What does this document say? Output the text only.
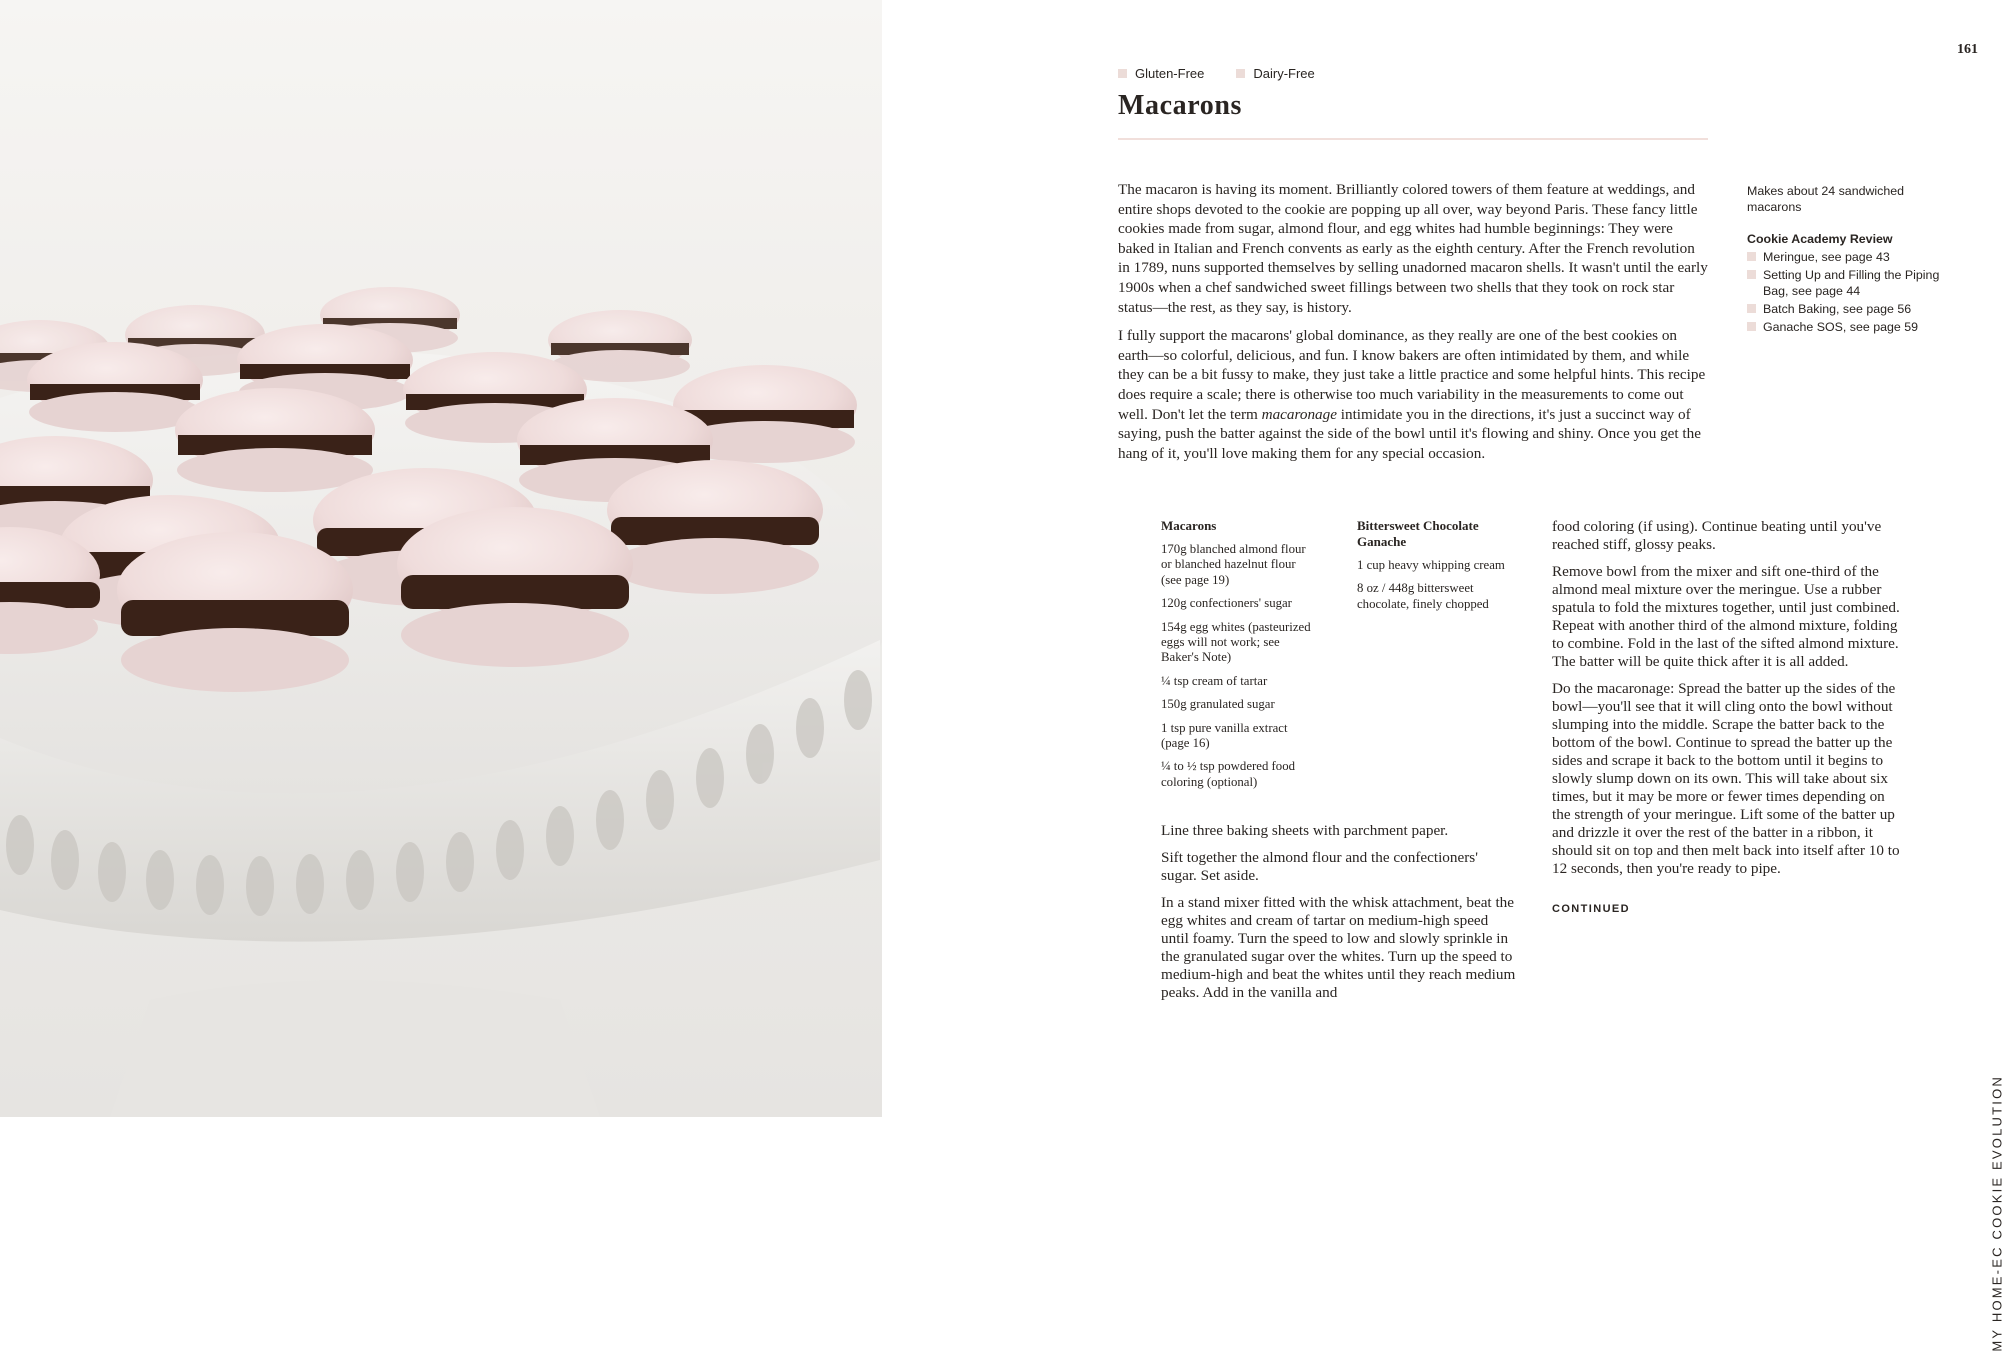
161
Gluten-Free	Dairy-Free
Macarons

The macaron is having its moment. Brilliantly colored towers of them feature at weddings, and entire shops devoted to the cookie are popping up all over, way beyond Paris. These fancy little cookies made from sugar, almond flour, and egg whites had humble beginnings: They were baked in Italian and French convents as early as the eighth century. After the French revolution in 1789, nuns supported themselves by selling unadorned macaron shells. It wasn't until the early 1900s when a chef sandwiched sweet fillings between two shells that they took on rock star status—the rest, as they say, is history.

I fully support the macarons' global dominance, as they really are one of the best cookies on earth—so colorful, delicious, and fun. I know bakers are often intimidated by them, and while they can be a bit fussy to make, they just take a little practice and some helpful hints. This recipe does require a scale; there is otherwise too much variability in the measurements to come out well. Don't let the term macaronage intimidate you in the directions, it's just a succinct way of saying, push the batter against the side of the bowl until it's flowing and shiny. Once you get the hang of it, you'll love making them for any special occasion.

Makes about 24 sandwiched macarons
Cookie Academy Review
Meringue, see page 43
Setting Up and Filling the Piping Bag, see page 44
Batch Baking, see page 56
Ganache SOS, see page 59
Macarons
170g blanched almond flour or blanched hazelnut flour (see page 19)
120g confectioners' sugar
154g egg whites (pasteurized eggs will not work; see Baker's Note)
¼ tsp cream of tartar
150g granulated sugar
1 tsp pure vanilla extract (page 16)
¼ to ½ tsp powdered food coloring (optional)
Bittersweet Chocolate Ganache
1 cup heavy whipping cream
8 oz / 448g bittersweet chocolate, finely chopped

Line three baking sheets with parchment paper.

Sift together the almond flour and the confectioners' sugar. Set aside.

In a stand mixer fitted with the whisk attachment, beat the egg whites and cream of tartar on medium-high speed until foamy. Turn the speed to low and slowly sprinkle in the granulated sugar over the whites. Turn up the speed to medium-high and beat the whites until they reach medium peaks. Add in the vanilla and

food coloring (if using). Continue beating until you've reached stiff, glossy peaks.

Remove bowl from the mixer and sift one-third of the almond meal mixture over the meringue. Use a rubber spatula to fold the mixtures together, until just combined. Repeat with another third of the almond mixture, folding to combine. Fold in the last of the sifted almond mixture. The batter will be quite thick after it is all added.

Do the macaronage: Spread the batter up the sides of the bowl—you'll see that it will cling onto the bowl without slumping into the middle. Scrape the batter back to the bottom of the bowl. Continue to spread the batter up the sides and scrape it back to the bottom until it begins to slowly slump down on its own. This will take about six times, but it may be more or fewer times depending on the strength of your meringue. Lift some of the batter up and drizzle it over the rest of the batter in a ribbon, it should sit on top and then melt back into itself after 10 to 12 seconds, then you're ready to pipe.

CONTINUED
MY HOME-EC COOKIE EVOLUTION
